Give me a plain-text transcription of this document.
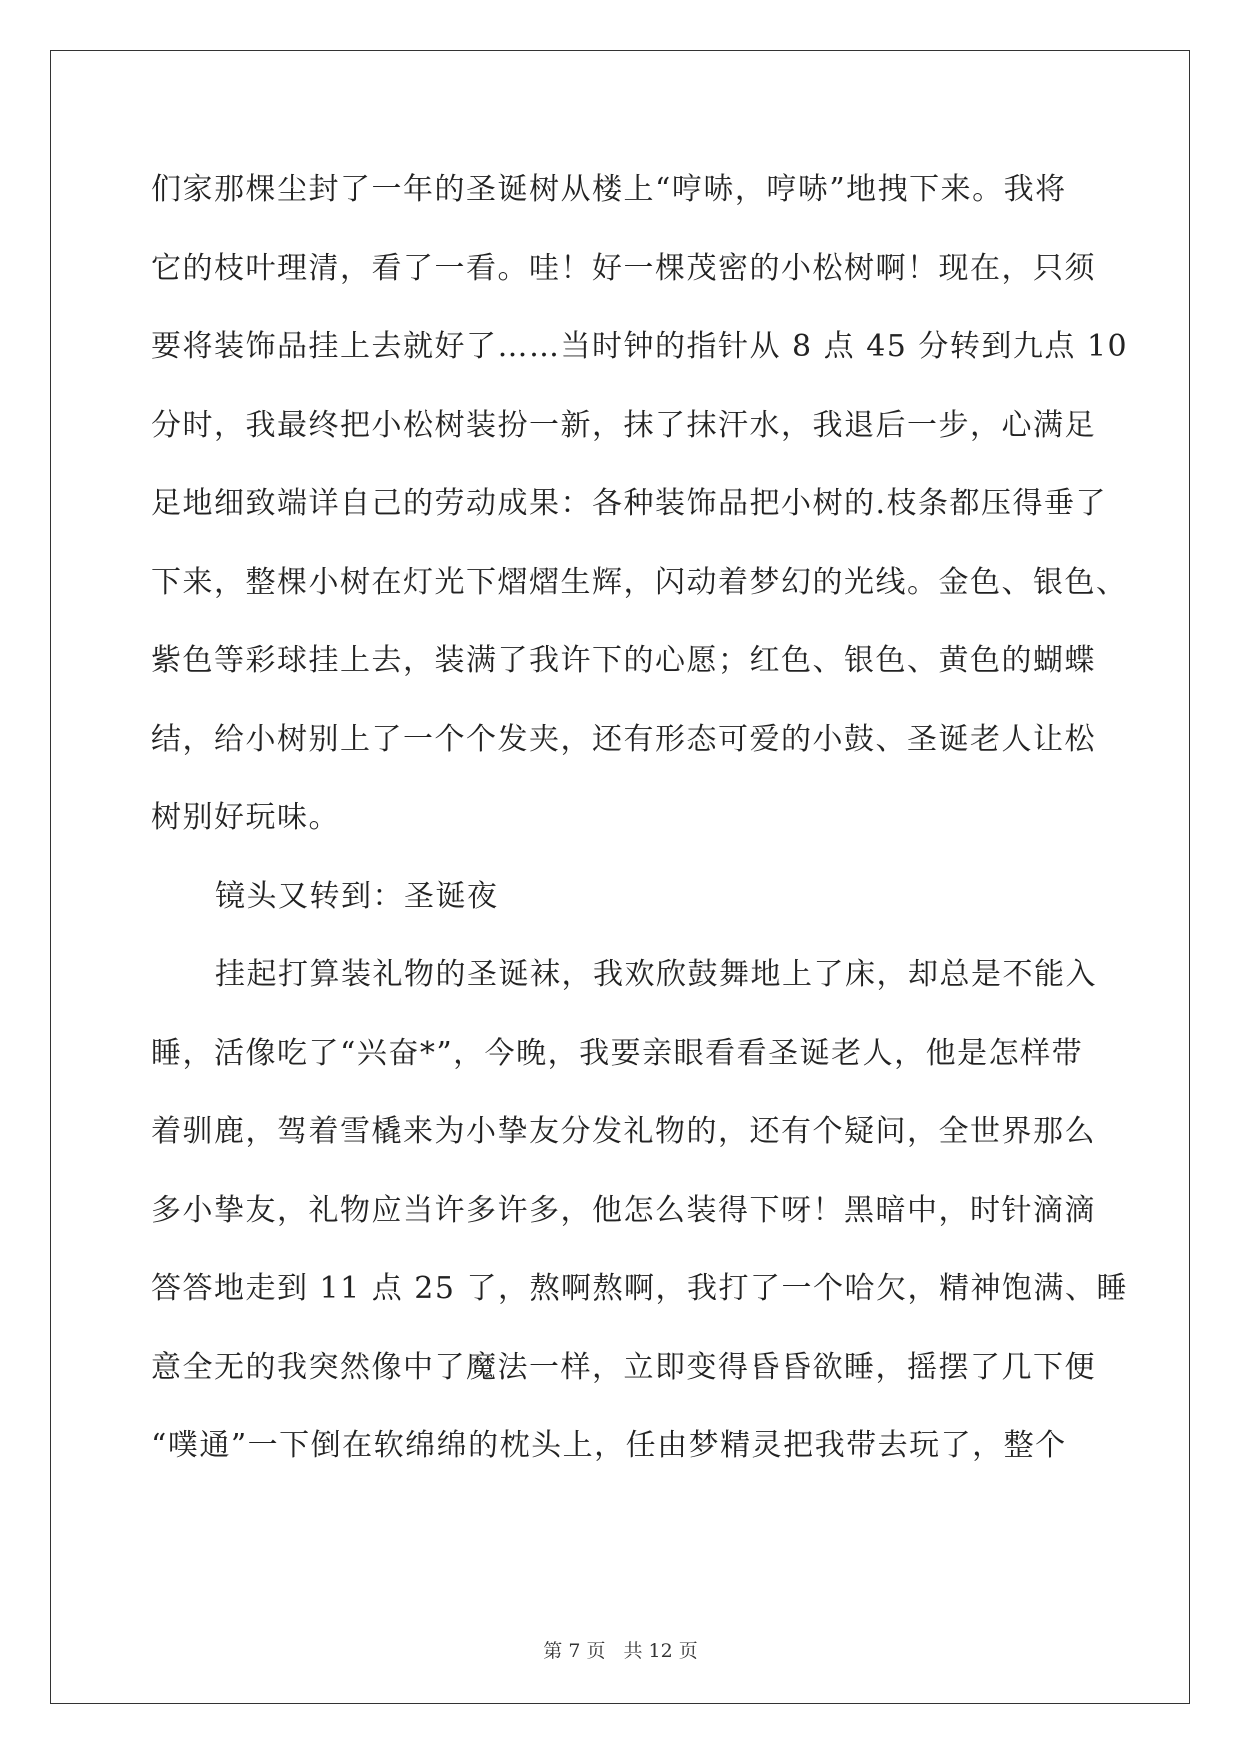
们家那棵尘封了一年的圣诞树从楼上“哼哧，哼哧”地拽下来。我将
它的枝叶理清，看了一看。哇！好一棵茂密的小松树啊！现在，只须
要将装饰品挂上去就好了……当时钟的指针从 8 点 45 分转到九点 10
分时，我最终把小松树装扮一新，抹了抹汗水，我退后一步，心满足
足地细致端详自己的劳动成果：各种装饰品把小树的.枝条都压得垂了
下来，整棵小树在灯光下熠熠生辉，闪动着梦幻的光线。金色、银色、
紫色等彩球挂上去，装满了我许下的心愿；红色、银色、黄色的蝴蝶
结，给小树别上了一个个发夹，还有形态可爱的小鼓、圣诞老人让松
树别好玩味。
镜头又转到：圣诞夜
挂起打算装礼物的圣诞袜，我欢欣鼓舞地上了床，却总是不能入
睡，活像吃了“兴奋*”，今晚，我要亲眼看看圣诞老人，他是怎样带
着驯鹿，驾着雪橇来为小挚友分发礼物的，还有个疑问，全世界那么
多小挚友，礼物应当许多许多，他怎么装得下呀！黑暗中，时针滴滴
答答地走到 11 点 25 了，熬啊熬啊，我打了一个哈欠，精神饱满、睡
意全无的我突然像中了魔法一样，立即变得昏昏欲睡，摇摆了几下便
“噗通”一下倒在软绵绵的枕头上，任由梦精灵把我带去玩了，整个
第 7 页 共 12 页
